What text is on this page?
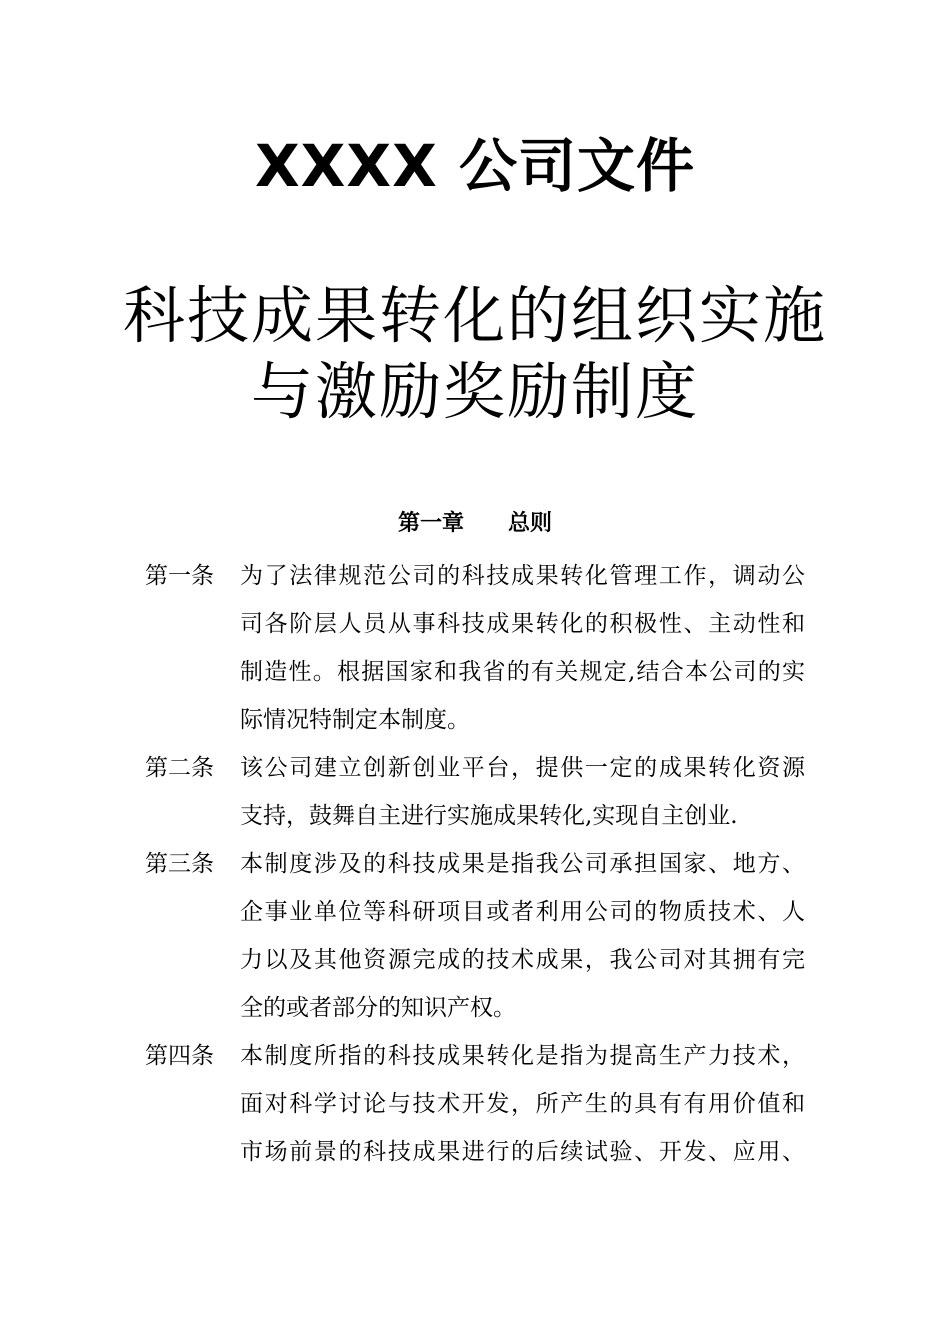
XXXX 公司文件
科技成果转化的组织实施
与激励奖励制度
第一章 总则
第一条	为了法律规范公司的科技成果转化管理工作，调动公
司各阶层人员从事科技成果转化的积极性、主动性和
制造性。根据国家和我省的有关规定,结合本公司的实
际情况特制定本制度。
第二条	该公司建立创新创业平台，提供一定的成果转化资源
支持，鼓舞自主进行实施成果转化,实现自主创业.
第三条	本制度涉及的科技成果是指我公司承担国家、地方、
企事业单位等科研项目或者利用公司的物质技术、人
力以及其他资源完成的技术成果，我公司对其拥有完
全的或者部分的知识产权。
第四条	本制度所指的科技成果转化是指为提高生产力技术，
面对科学讨论与技术开发，所产生的具有有用价值和
市场前景的科技成果进行的后续试验、开发、应用、
